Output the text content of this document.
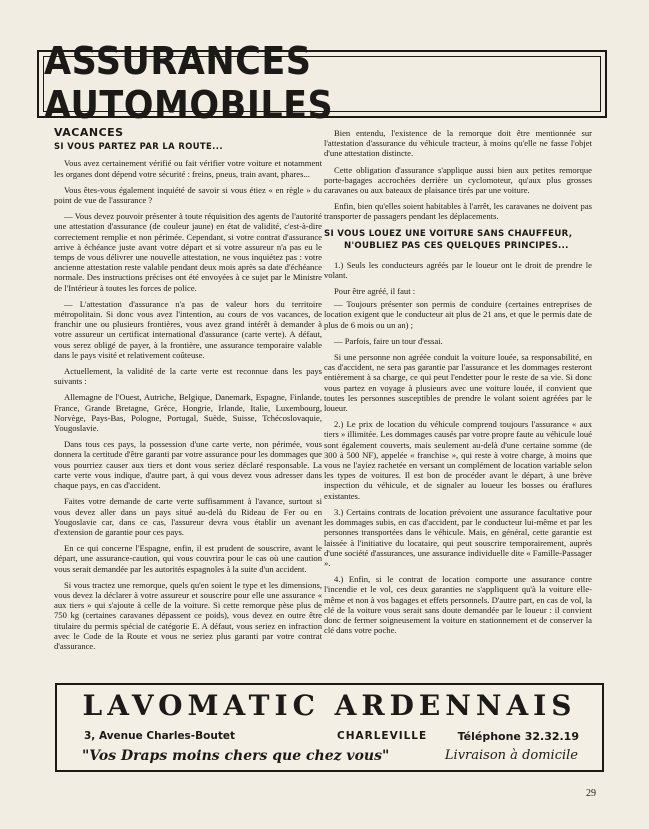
ASSURANCES AUTOMOBILES
VACANCES
SI VOUS PARTEZ PAR LA ROUTE...

Vous avez certainement vérifié ou fait vérifier votre voiture et notamment les organes dont dépend votre sécurité : freins, pneus, train avant, phares...

Vous êtes-vous également inquiété de savoir si vous étiez « en règle » du point de vue de l'assurance ?

— Vous devez pouvoir présenter à toute réquisition des agents de l'autorité une attestation d'assurance (de couleur jaune) en état de validité, c'est-à-dire correctement remplie et non périmée. Cependant, si votre contrat d'assurance arrive à échéance juste avant votre départ et si votre assureur n'a pas eu le temps de vous délivrer une nouvelle attestation, ne vous inquiétez pas : votre ancienne attestation reste valable pendant deux mois après sa date d'échéance normale. Des instructions précises ont été envoyées à ce sujet par le Ministre de l'Intérieur à toutes les forces de police.

— L'attestation d'assurance n'a pas de valeur hors du territoire métropolitain. Si donc vous avez l'intention, au cours de vos vacances, de franchir une ou plusieurs frontières, vous avez grand intérêt à demander à votre assureur un certificat international d'assurance (carte verte). A défaut, vous serez obligé de payer, à la frontière, une assurance temporaire valable dans le pays visité et relativement coûteuse.

Actuellement, la validité de la carte verte est reconnue dans les pays suivants :

Allemagne de l'Ouest, Autriche, Belgique, Danemark, Espagne, Finlande, France, Grande Bretagne, Grèce, Hongrie, Irlande, Italie, Luxembourg, Norvège, Pays-Bas, Pologne, Portugal, Suède, Suisse, Tchécoslovaquie, Yougoslavie.

Dans tous ces pays, la possession d'une carte verte, non périmée, vous donnera la certitude d'être garanti par votre assurance pour les dommages que vous pourriez causer aux tiers et dont vous seriez déclaré responsable. La carte verte vous indique, d'autre part, à qui vous devez vous adresser dans chaque pays, en cas d'accident.

Faites votre demande de carte verte suffisamment à l'avance, surtout si vous devez aller dans un pays situé au-delà du Rideau de Fer ou en Yougoslavie car, dans ce cas, l'assureur devra vous établir un avenant d'extension de garantie pour ces pays.

En ce qui concerne l'Espagne, enfin, il est prudent de souscrire, avant le départ, une assurance-caution, qui vous couvrira pour le cas où une caution vous serait demandée par les autorités espagnoles à la suite d'un accident.

Si vous tractez une remorque, quels qu'en soient le type et les dimensions, vous devez la déclarer à votre assureur et souscrire pour elle une assurance « aux tiers » qui s'ajoute à celle de la voiture. Si cette remorque pèse plus de 750 kg (certaines caravanes dépassent ce poids), vous devez en outre être titulaire du permis spécial de catégorie E. A défaut, vous seriez en infraction avec le Code de la Route et vous ne seriez plus garanti par votre contrat d'assurance.

Bien entendu, l'existence de la remorque doit être mentionnée sur l'attestation d'assurance du véhicule tracteur, à moins qu'elle ne fasse l'objet d'une attestation distincte.

Cette obligation d'assurance s'applique aussi bien aux petites remorque porte-bagages accrochées derrière un cyclomoteur, qu'aux plus grosses caravanes ou aux bateaux de plaisance tirés par une voiture.

Enfin, bien qu'elles soient habitables à l'arrêt, les caravanes ne doivent pas transporter de passagers pendant les déplacements.

SI VOUS LOUEZ UNE VOITURE SANS CHAUFFEUR,
N'OUBLIEZ PAS CES QUELQUES PRINCIPES...

1.) Seuls les conducteurs agréés par le loueur ont le droit de prendre le volant.

Pour être agréé, il faut :

— Toujours présenter son permis de conduire (certaines entreprises de location exigent que le conducteur ait plus de 21 ans, et que le permis date de plus de 6 mois ou un an) ;

— Parfois, faire un tour d'essai.

Si une personne non agréée conduit la voiture louée, sa responsabilité, en cas d'accident, ne sera pas garantie par l'assurance et les dommages resteront entièrement à sa charge, ce qui peut l'endetter pour le reste de sa vie. Si donc vous partez en voyage à plusieurs avec une voiture louée, il convient que toutes les personnes susceptibles de prendre le volant soient agréées par le loueur.

2.) Le prix de location du véhicule comprend toujours l'assurance « aux tiers » illimitée. Les dommages causés par votre propre faute au véhicule loué sont également couverts, mais seulement au-delà d'une certaine somme (de 300 à 500 NF), appelée « franchise », qui reste à votre charge, à moins que vous ne l'ayiez rachetée en versant un complément de location variable selon les types de voitures. Il est bon de procéder avant le départ, à une brève inspection du véhicule, et de signaler au loueur les bosses ou éraflures existantes.

3.) Certains contrats de location prévoient une assurance facultative pour les dommages subis, en cas d'accident, par le conducteur lui-même et par les personnes transportées dans le véhicule. Mais, en général, cette garantie est laissée à l'initiative du locataire, qui peut souscrire temporairement, auprès d'une société d'assurances, une assurance individuelle dite « Famille-Passager ».

4.) Enfin, si le contrat de location comporte une assurance contre l'incendie et le vol, ces deux garanties ne s'appliquent qu'à la voiture elle-même et non à vos bagages et effets personnels. D'autre part, en cas de vol, la clé de la voiture vous serait sans doute demandée par le loueur : il convient donc de fermer soigneusement la voiture en stationnement et de conserver la clé dans votre poche.

LAVOMATIC ARDENNAIS
3, Avenue Charles-Boutet	CHARLEVILLE	Téléphone 32.32.19
"Vos Draps moins chers que chez vous"	Livraison à domicile
29
